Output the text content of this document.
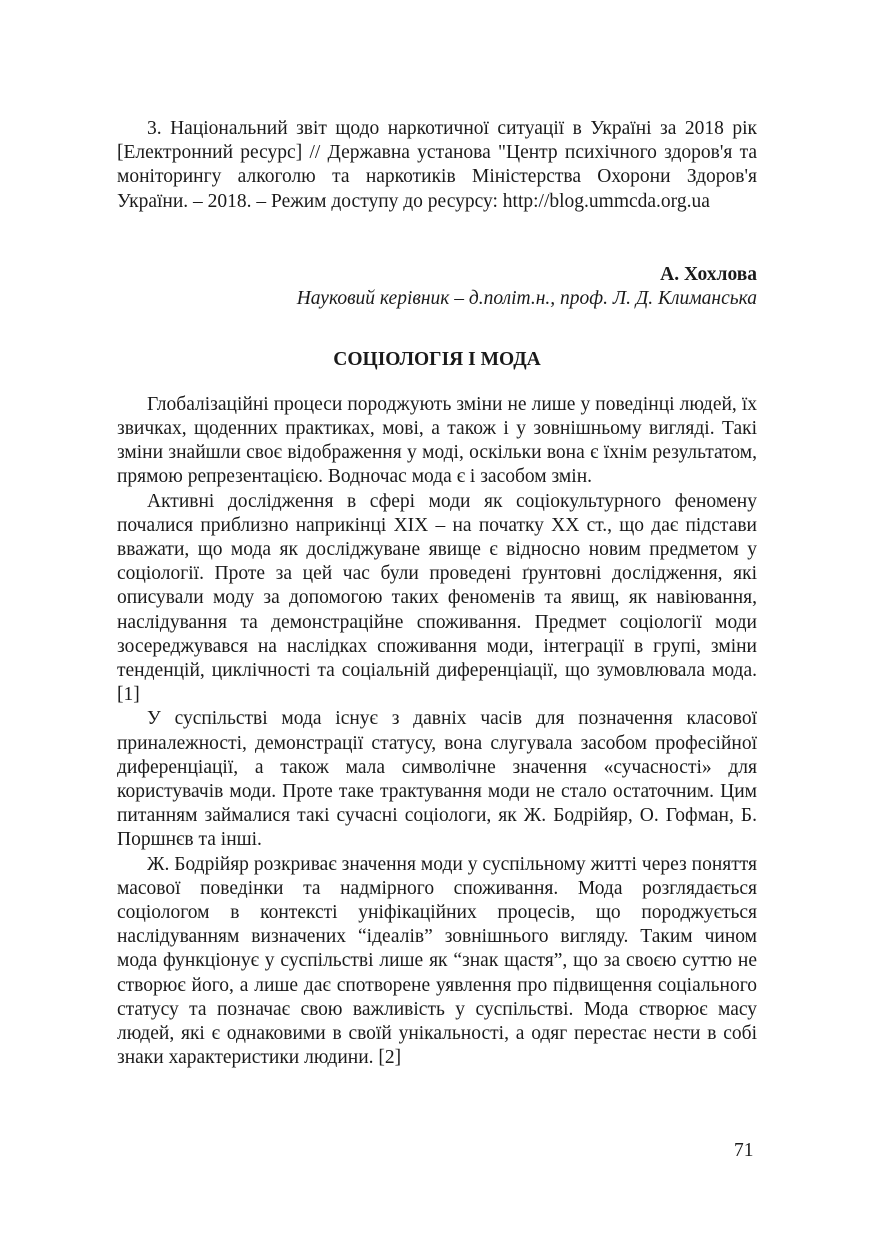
3. Національний звіт щодо наркотичної ситуації в Україні за 2018 рік [Електронний ресурс] // Державна установа "Центр психічного здоров'я та моніторингу алкоголю та наркотиків Міністерства Охорони Здоров'я України. – 2018. – Режим доступу до ресурсу: http://blog.ummcda.org.ua

А. Хохлова
Науковий керівник – д.політ.н., проф. Л. Д. Климанська
СОЦІОЛОГІЯ І МОДА

Глобалізаційні процеси породжують зміни не лише у поведінці людей, їх звичках, щоденних практиках, мові, а також і у зовнішньому вигляді. Такі зміни знайшли своє відображення у моді, оскільки вона є їхнім результатом, прямою репрезентацією. Водночас мода є і засобом змін.

Активні дослідження в сфері моди як соціокультурного феномену почалися приблизно наприкінці XIX – на початку XX ст., що дає підстави вважати, що мода як досліджуване явище є відносно новим предметом у соціології. Проте за цей час були проведені ґрунтовні дослідження, які описували моду за допомогою таких феноменів та явищ, як навіювання, наслідування та демонстраційне споживання. Предмет соціології моди зосереджувався на наслідках споживання моди, інтеграції в групі, зміни тенденцій, циклічності та соціальній диференціації, що зумовлювала мода. [1]

У суспільстві мода існує з давніх часів для позначення класової приналежності, демонстрації статусу, вона слугувала засобом професійної диференціації, а також мала символічне значення «сучасності» для користувачів моди. Проте таке трактування моди не стало остаточним. Цим питанням займалися такі сучасні соціологи, як Ж. Бодрійяр, О. Гофман, Б. Поршнєв та інші.

Ж. Бодрійяр розкриває значення моди у суспільному житті через поняття масової поведінки та надмірного споживання. Мода розглядається соціологом в контексті уніфікаційних процесів, що породжується наслідуванням визначених “ідеалів” зовнішнього вигляду. Таким чином мода функціонує у суспільстві лише як “знак щастя”, що за своєю суттю не створює його, а лише дає спотворене уявлення про підвищення соціального статусу та позначає свою важливість у суспільстві. Мода створює масу людей, які є однаковими в своїй унікальності, а одяг перестає нести в собі знаки характеристики людини. [2]

71
